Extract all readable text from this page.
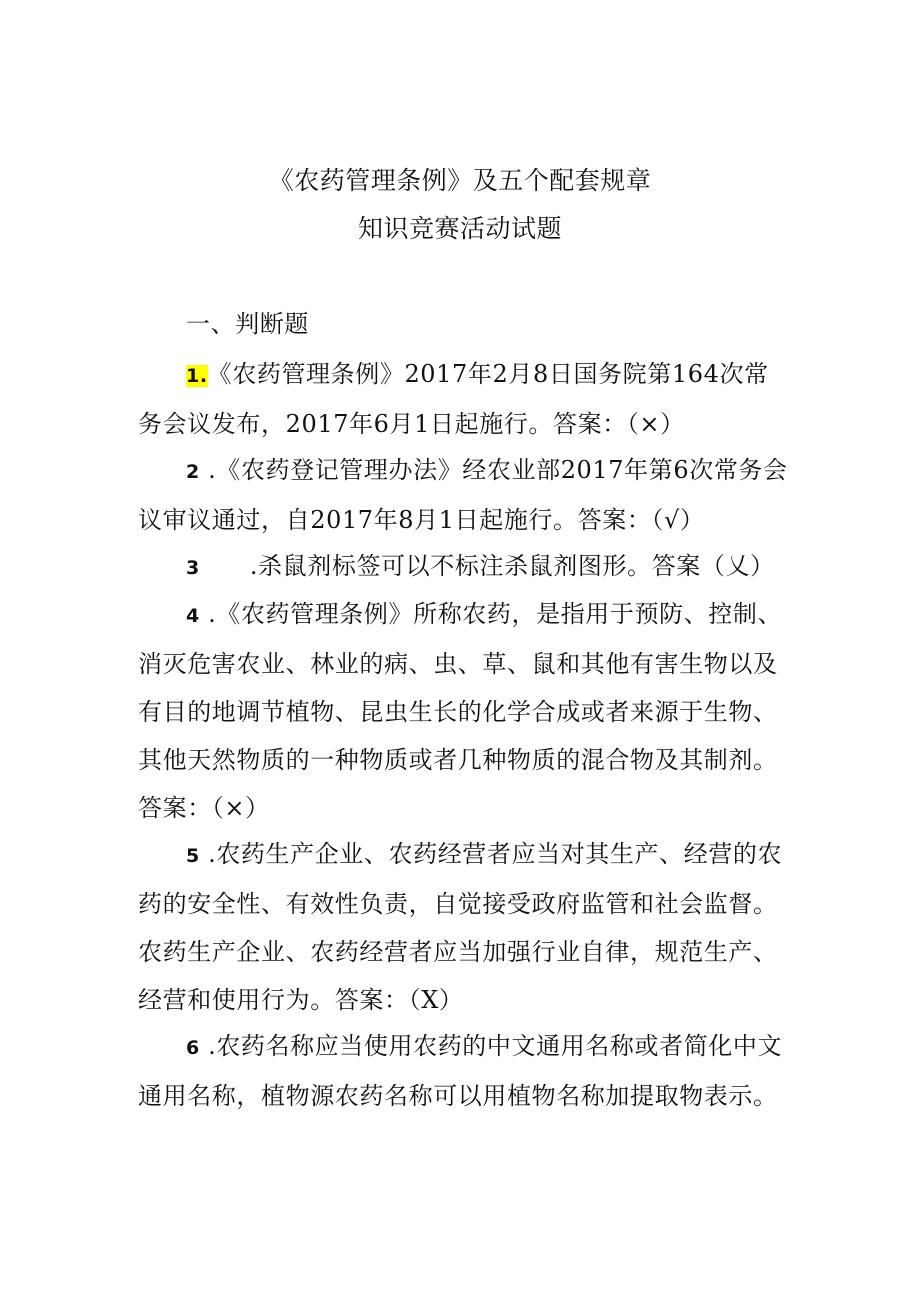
《农药管理条例》及五个配套规章
知识竞赛活动试题

一、判断题

1.《农药管理条例》2017年2月8日国务院第164次常务会议发布，2017年6月1日起施行。答案：（×）

2 .《农药登记管理办法》经农业部2017年第6次常务会议审议通过，自2017年8月1日起施行。答案：（√）

3 .杀鼠剂标签可以不标注杀鼠剂图形。答案（乂）

4 .《农药管理条例》所称农药，是指用于预防、控制、消灭危害农业、林业的病、虫、草、鼠和其他有害生物以及有目的地调节植物、昆虫生长的化学合成或者来源于生物、其他天然物质的一种物质或者几种物质的混合物及其制剂。答案：（×）

5 .农药生产企业、农药经营者应当对其生产、经营的农药的安全性、有效性负责，自觉接受政府监管和社会监督。农药生产企业、农药经营者应当加强行业自律，规范生产、经营和使用行为。答案：（X）

6 .农药名称应当使用农药的中文通用名称或者简化中文通用名称，植物源农药名称可以用植物名称加提取物表示。
